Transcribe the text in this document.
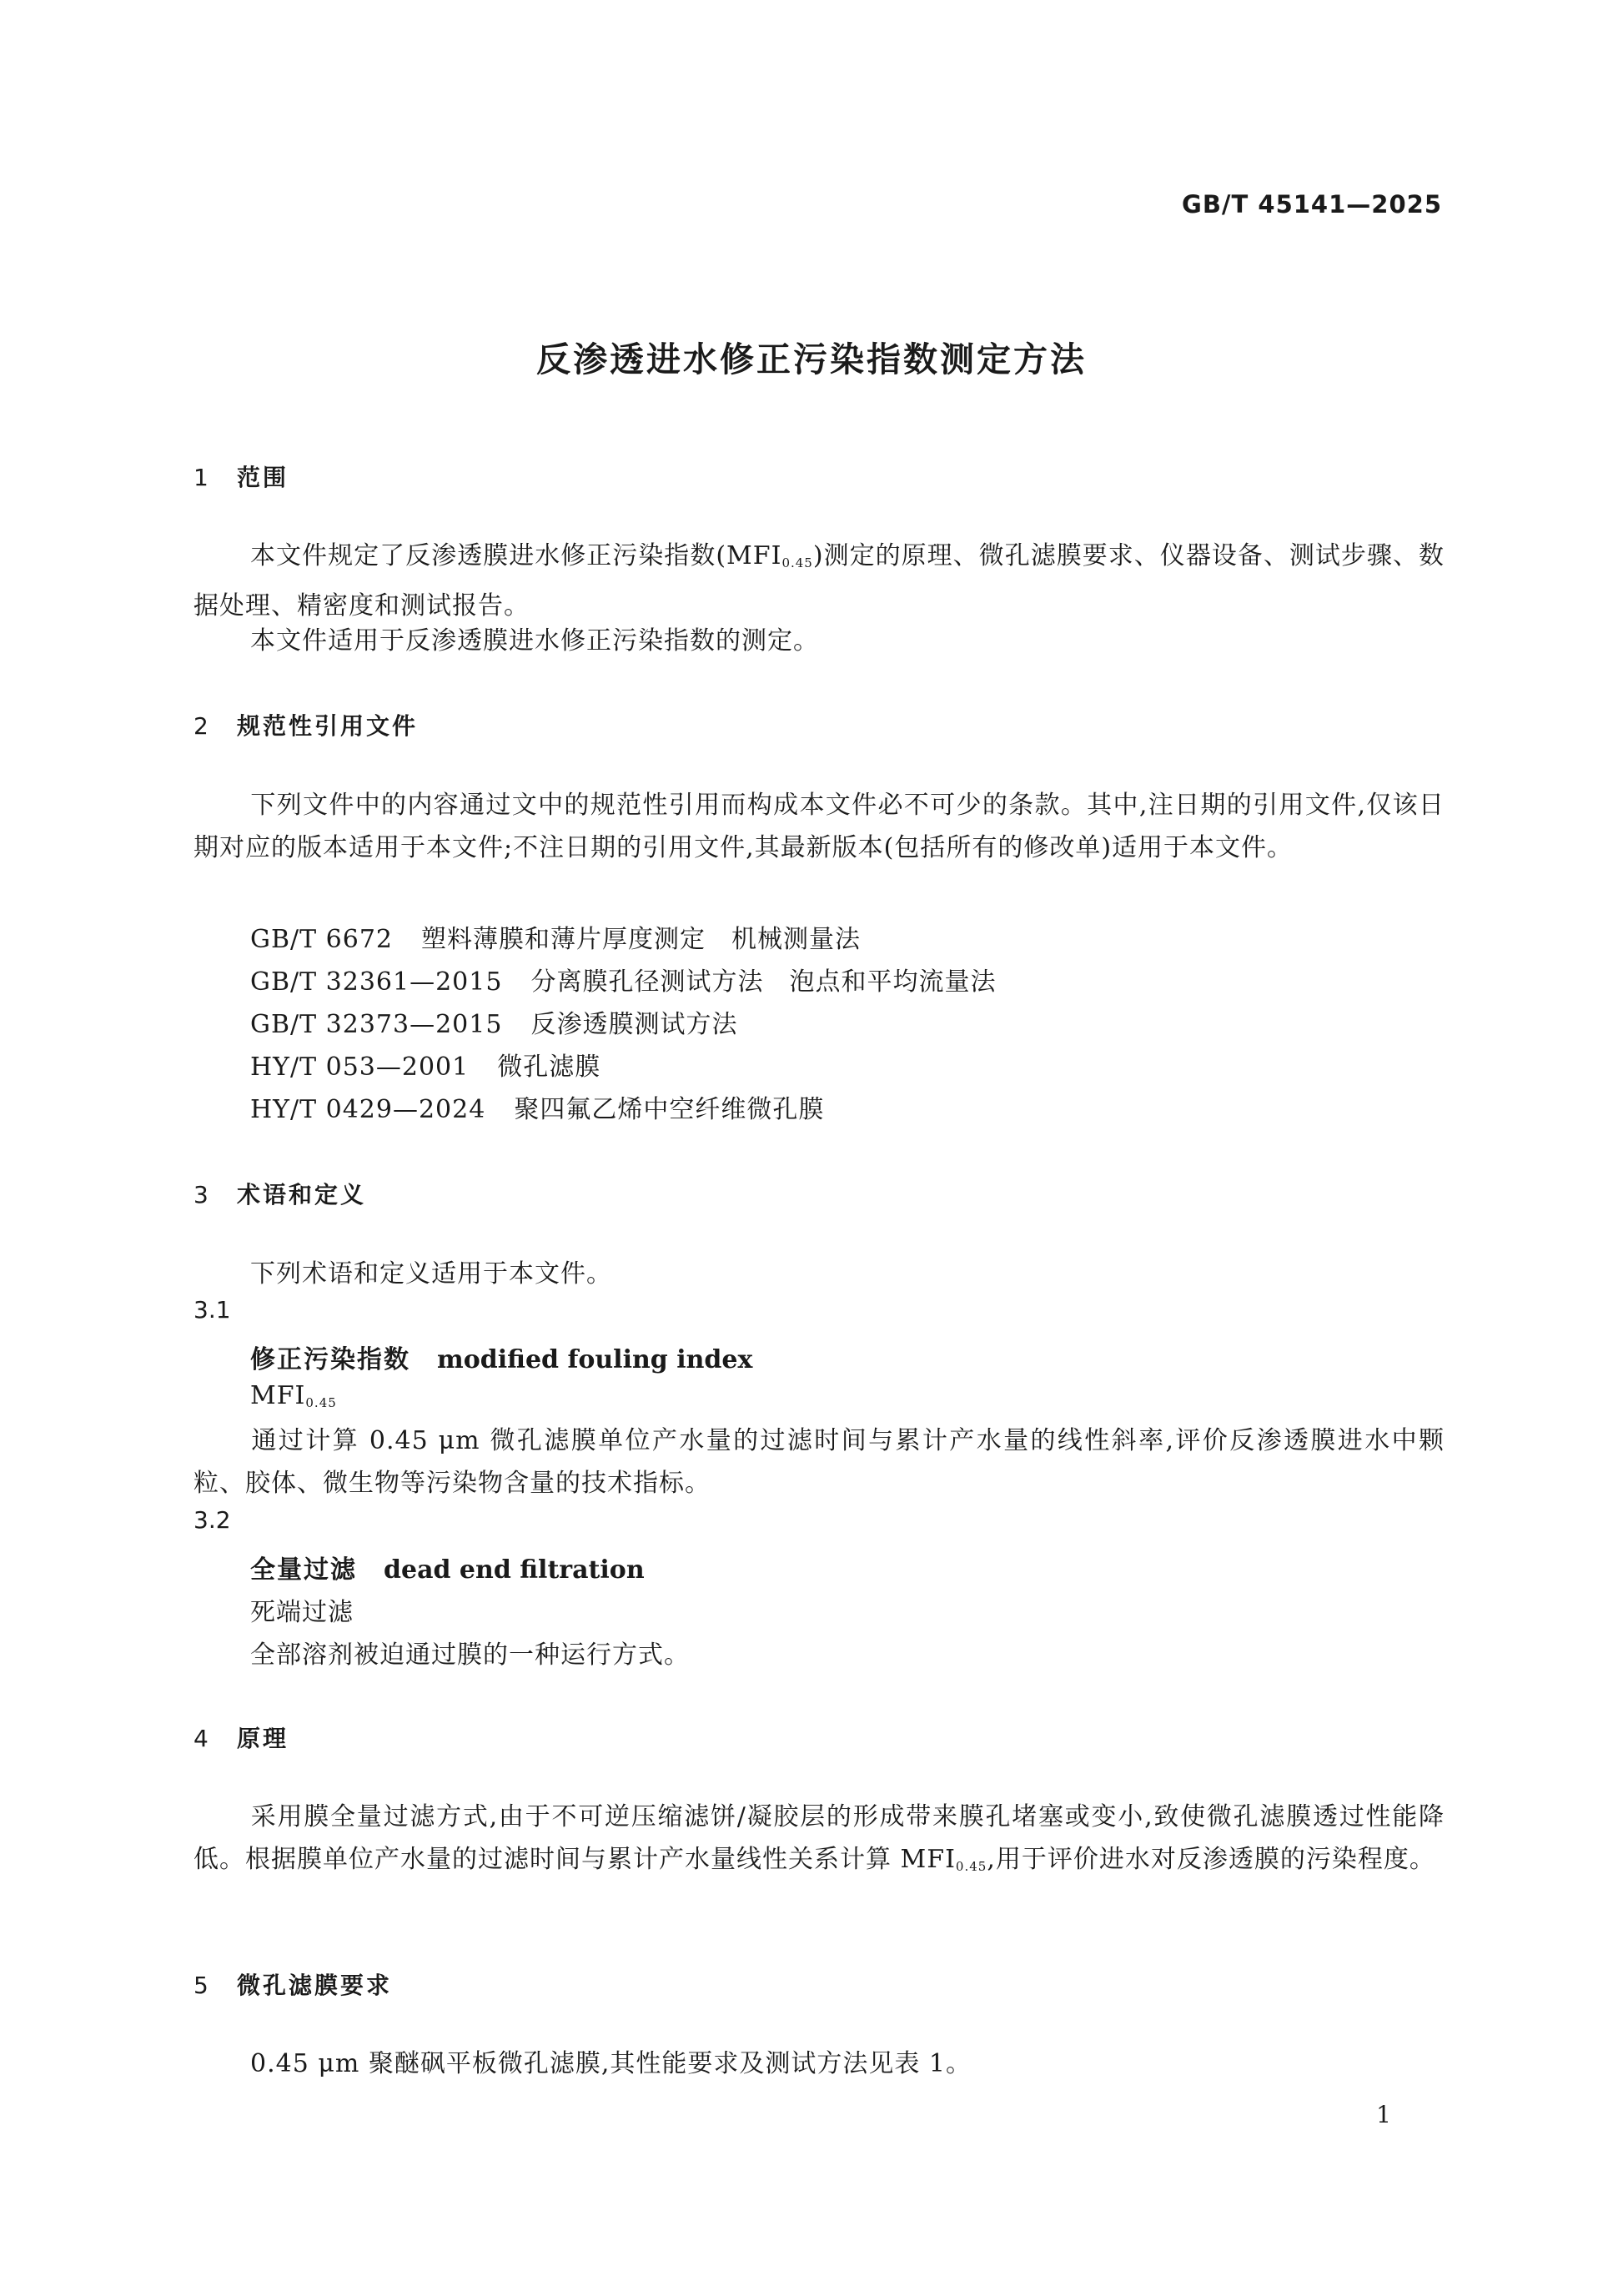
GB/T 45141—2025
反渗透进水修正污染指数测定方法
1 范围
本文件规定了反渗透膜进水修正污染指数$(MFI_{0.45})$测定的原理、微孔滤膜要求、仪器设备、测试步骤、数据处理、精密度和测试报告。
本文件适用于反渗透膜进水修正污染指数的测定。
2 规范性引用文件
下列文件中的内容通过文中的规范性引用而构成本文件必不可少的条款。其中,注日期的引用文件,仅该日期对应的版本适用于本文件;不注日期的引用文件,其最新版本(包括所有的修改单)适用于本文件。
GB/T 6672 塑料薄膜和薄片厚度测定　机械测量法
GB/T 32361—2015 分离膜孔径测试方法　泡点和平均流量法
GB/T 32373—2015 反渗透膜测试方法
HY/T 053—2001 微孔滤膜
HY/T 0429—2024 聚四氟乙烯中空纤维微孔膜
3 术语和定义
下列术语和定义适用于本文件。
3.1
修正污染指数 modified fouling index
$MFI_{0.45}$
通过计算 0.45 μm 微孔滤膜单位产水量的过滤时间与累计产水量的线性斜率,评价反渗透膜进水中颗粒、胶体、微生物等污染物含量的技术指标。
3.2
全量过滤 dead end filtration
死端过滤
全部溶剂被迫通过膜的一种运行方式。
4 原理
采用膜全量过滤方式,由于不可逆压缩滤饼/凝胶层的形成带来膜孔堵塞或变小,致使微孔滤膜透过性能降低。根据膜单位产水量的过滤时间与累计产水量线性关系计算 $MFI_{0.45}$,用于评价进水对反渗透膜的污染程度。
5 微孔滤膜要求
0.45 μm 聚醚砜平板微孔滤膜,其性能要求及测试方法见表 1。
1
